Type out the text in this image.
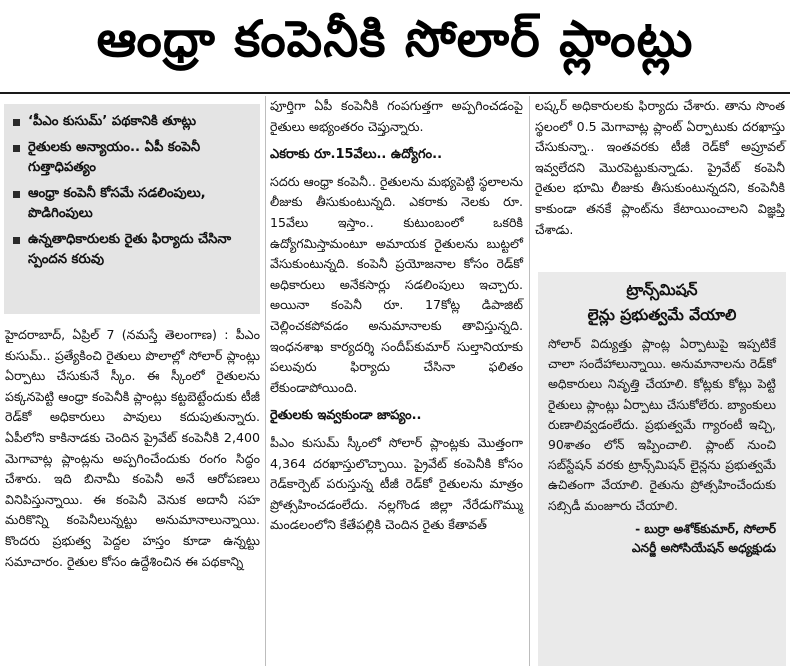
ఆంధ్రా కంపెనీకి సోలార్ ప్లాంట్లు
‘పీఎం కుసుమ్’ పథకానికి తూట్లు
రైతులకు అన్యాయం.. ఏపీ కంపెనీ గుత్తాధిపత్యం
ఆంధ్రా కంపెనీ కోసమే సడలింపులు, పొడిగింపులు
ఉన్నతాధికారులకు రైతు ఫిర్యాదు చేసినా స్పందన కరువు

హైదరాబాద్, ఏప్రిల్ 7 (నమస్తే తెలంగాణ) : పీఎం కుసుమ్.. ప్రత్యేకించి రైతులు పొలాల్లో సోలార్ ప్లాంట్లు ఏర్పాటు చేసుకునే స్కీం. ఈ స్కీంలో రైతులను పక్కనపెట్టి ఆంధ్రా కంపెనీకి ప్లాంట్లు కట్టబెట్టేందుకు టీజీ రెడ్‌కో అధికారులు పావులు కదుపుతున్నారు. ఏపీలోని కాకినాడకు చెందిన ప్రైవేట్ కంపెనీకి 2,400 మెగావాట్ల ప్లాంట్లను అప్పగించేందుకు రంగం సిద్ధం చేశారు. ఇది బినామీ కంపెనీ అనే ఆరోపణలు వినిపిస్తున్నాయి. ఈ కంపెనీ వెనుక అదానీ సహ మరికొన్ని కంపెనీలున్నట్టు అనుమానాలున్నాయి. కొందరు ప్రభుత్వ పెద్దల హస్తం కూడా ఉన్నట్టు సమాచారం. రైతుల కోసం ఉద్దేశించిన ఈ పథకాన్ని

పూర్తిగా ఏపీ కంపెనీకి గంపగుత్తగా అప్పగించడంపై రైతులు అభ్యంతరం చెప్తున్నారు.

ఎకరాకు రూ.15వేలు.. ఉద్యోగం..

సదరు ఆంధ్రా కంపెనీ.. రైతులను మభ్యపెట్టి స్థలాలను లీజుకు తీసుకుంటున్నది. ఎకరాకు నెలకు రూ. 15వేలు ఇస్తాం.. కుటుంబంలో ఒకరికి ఉద్యోగమిస్తామంటూ అమాయక రైతులను బుట్టలో వేసుకుంటున్నది. కంపెనీ ప్రయోజనాల కోసం రెడ్‌కో అధికారులు అనేకసార్లు సడలింపులు ఇచ్చారు. అయినా కంపెనీ రూ. 17కోట్ల డిపాజిట్ చెల్లించకపోవడం అనుమానాలకు తావిస్తున్నది. ఇంధనశాఖ కార్యదర్శి సందీప్‌కుమార్ సుల్తానియాకు పలువురు ఫిర్యాదు చేసినా ఫలితం లేకుండాపోయింది.

రైతులకు ఇవ్వకుండా జాప్యం..

పీఎం కుసుమ్ స్కీంలో సోలార్ ప్లాంట్లకు మొత్తంగా 4,364 దరఖాస్తులొచ్చాయి. ప్రైవేట్ కంపెనీకి కోసం రెడ్‌కార్పెట్ పరుస్తున్న టీజీ రెడ్‌కో రైతులను మాత్రం ప్రోత్సహించడంలేదు. నల్లగొండ జిల్లా నేరేడుగొమ్ము మండలంలోని కేతేపల్లికి చెందిన రైతు కేతావత్

లష్కర్ అధికారులకు ఫిర్యాదు చేశారు. తాను సొంత స్థలంలో 0.5 మెగావాట్ల ప్లాంట్ ఏర్పాటుకు దరఖాస్తు చేసుకున్నా.. ఇంతవరకు టీజీ రెడ్‌కో అప్రూవల్ ఇవ్వలేదని మొరపెట్టుకున్నాడు. ప్రైవేట్ కంపెనీ రైతుల భూమి లీజుకు తీసుకుంటున్నదని, కంపెనీకి కాకుండా తనకే ప్లాంట్‌ను కేటాయించాలని విజ్ఞప్తి చేశాడు.

ట్రాన్స్‌మిషన్
లైన్లు ప్రభుత్వమే వేయాలి

సోలార్ విద్యుత్తు ప్లాంట్ల ఏర్పాటుపై ఇప్పటికే చాలా సందేహాలున్నాయి. అనుమానాలను రెడ్‌కో అధికారులు నివృత్తి చేయాలి. కోట్లకు కోట్లు పెట్టి రైతులు ప్లాంట్లు ఏర్పాటు చేసుకోలేరు. బ్యాంకులు రుణాలివ్వడంలేదు. ప్రభుత్వమే గ్యారంటీ ఇచ్చి, 90శాతం లోన్ ఇప్పించాలి. ప్లాంట్ నుంచి సబ్‌స్టేషన్ వరకు ట్రాన్స్‌మిషన్ లైన్లను ప్రభుత్వమే ఉచితంగా వేయాలి. రైతును ప్రోత్సహించేందుకు సబ్సిడీ మంజూరు చేయాలి.

- బుర్రా అశోక్‌కుమార్, సోలార్
ఎనర్జీ అసోసియేషన్ అధ్యక్షుడు
